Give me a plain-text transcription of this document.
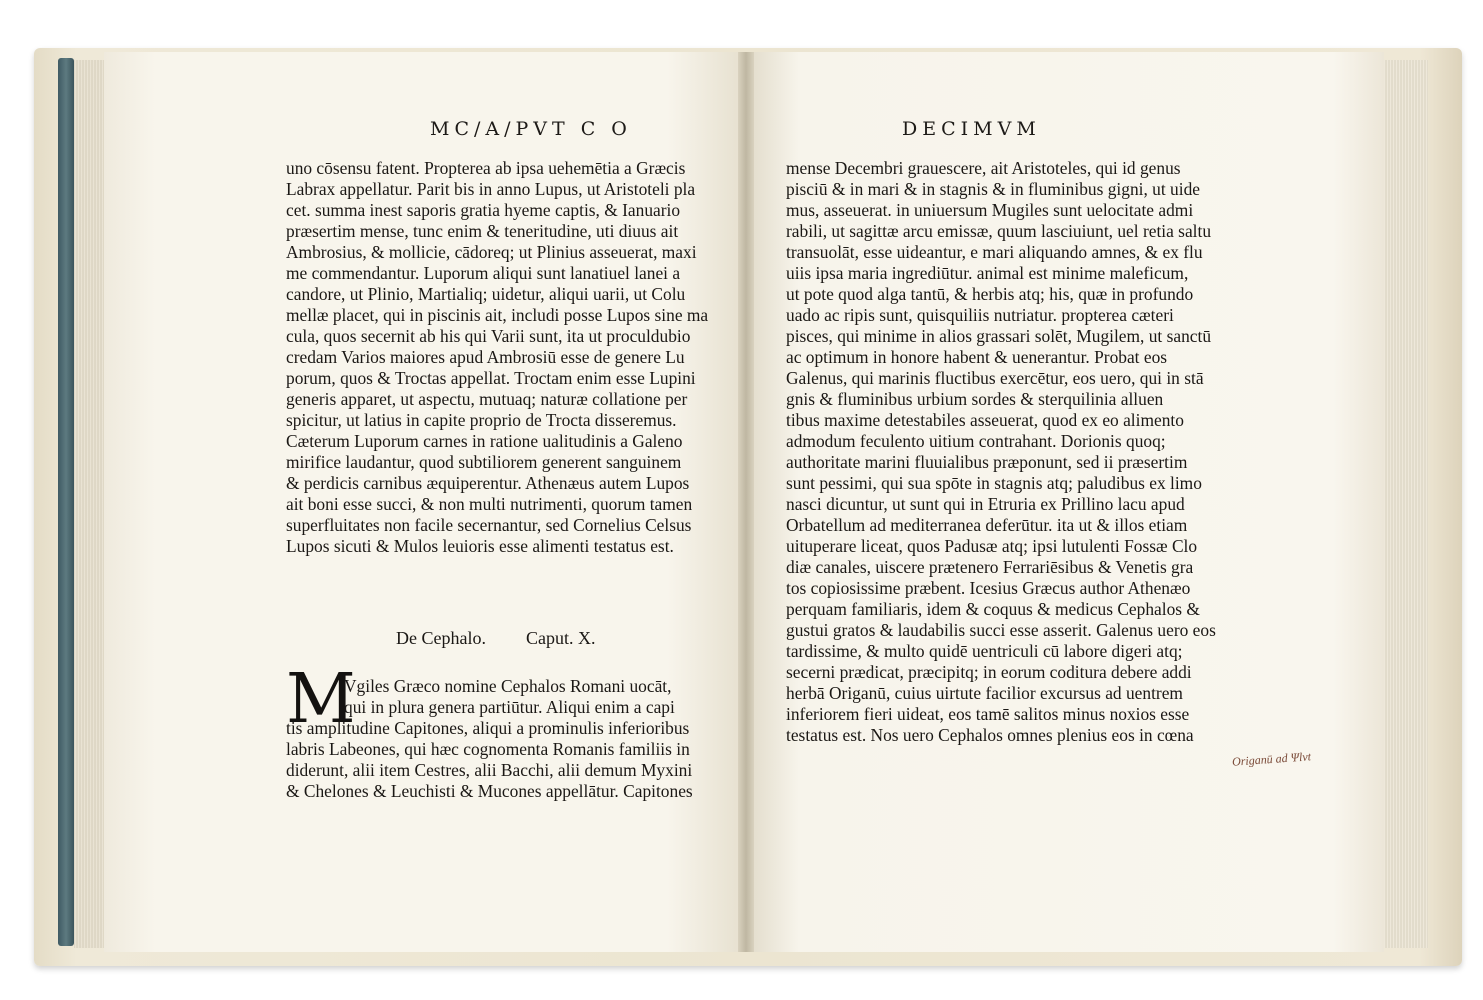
MC/A/PVT C O
uno cōsensu fatent. Propterea ab ipsa uehemētia a Græcis
Labrax appellatur. Parit bis in anno Lupus, ut Aristoteli pla
cet. summa inest saporis gratia hyeme captis, & Ianuario
præsertim mense, tunc enim & teneritudine, uti diuus ait
Ambrosius, & mollicie, cādoreq; ut Plinius asseuerat, maxi
me commendantur. Luporum aliqui sunt lanatiuel lanei a
candore, ut Plinio, Martialiq; uidetur, aliqui uarii, ut Colu
mellæ placet, qui in piscinis ait, includi posse Lupos sine ma
cula, quos secernit ab his qui Varii sunt, ita ut proculdubio
credam Varios maiores apud Ambrosiū esse de genere Lu
porum, quos & Troctas appellat. Troctam enim esse Lupini
generis apparet, ut aspectu, mutuaq; naturæ collatione per
spicitur, ut latius in capite proprio de Trocta disseremus.
Cæterum Luporum carnes in ratione ualitudinis a Galeno
mirifice laudantur, quod subtiliorem generent sanguinem
& perdicis carnibus æquiperentur. Athenæus autem Lupos
ait boni esse succi, & non multi nutrimenti, quorum tamen
superfluitates non facile secernantur, sed Cornelius Celsus
Lupos sicuti & Mulos leuioris esse alimenti testatus est.
De Cephalo. Caput. X.
M
Vgiles Græco nomine Cephalos Romani uocāt,
qui in plura genera partiūtur. Aliqui enim a capi
tis amplitudine Capitones, aliqui a prominulis inferioribus
labris Labeones, qui hæc cognomenta Romanis familiis in
diderunt, alii item Cestres, alii Bacchi, alii demum Myxini
& Chelones & Leuchisti & Mucones appellātur. Capitones
DECIMVM
mense Decembri grauescere, ait Aristoteles, qui id genus
pisciū & in mari & in stagnis & in fluminibus gigni, ut uide
mus, asseuerat. in uniuersum Mugiles sunt uelocitate admi
rabili, ut sagittæ arcu emissæ, quum lasciuiunt, uel retia saltu
transuolāt, esse uideantur, e mari aliquando amnes, & ex flu
uiis ipsa maria ingrediūtur. animal est minime maleficum,
ut pote quod alga tantū, & herbis atq; his, quæ in profundo
uado ac ripis sunt, quisquiliis nutriatur. propterea cæteri
pisces, qui minime in alios grassari solēt, Mugilem, ut sanctū
ac optimum in honore habent & uenerantur. Probat eos
Galenus, qui marinis fluctibus exercētur, eos uero, qui in stā
gnis & fluminibus urbium sordes & sterquilinia alluen
tibus maxime detestabiles asseuerat, quod ex eo alimento
admodum feculento uitium contrahant. Dorionis quoq;
authoritate marini fluuialibus præponunt, sed ii præsertim
sunt pessimi, qui sua spōte in stagnis atq; paludibus ex limo
nasci dicuntur, ut sunt qui in Etruria ex Prillino lacu apud
Orbatellum ad mediterranea deferūtur. ita ut & illos etiam
uituperare liceat, quos Padusæ atq; ipsi lutulenti Fossæ Clo
diæ canales, uiscere prætenero Ferrariēsibus & Venetis gra
tos copiosissime præbent. Icesius Græcus author Athenæo
perquam familiaris, idem & coquus & medicus Cephalos &
gustui gratos & laudabilis succi esse asserit. Galenus uero eos
tardissime, & multo quidē uentriculi cū labore digeri atq;
secerni prædicat, præcipitq; in eorum coditura debere addi
herbā Origanū, cuius uirtute facilior excursus ad uentrem
inferiorem fieri uideat, eos tamē salitos minus noxios esse
testatus est. Nos uero Cephalos omnes plenius eos in cœna
Origanū ad Ψlvt
